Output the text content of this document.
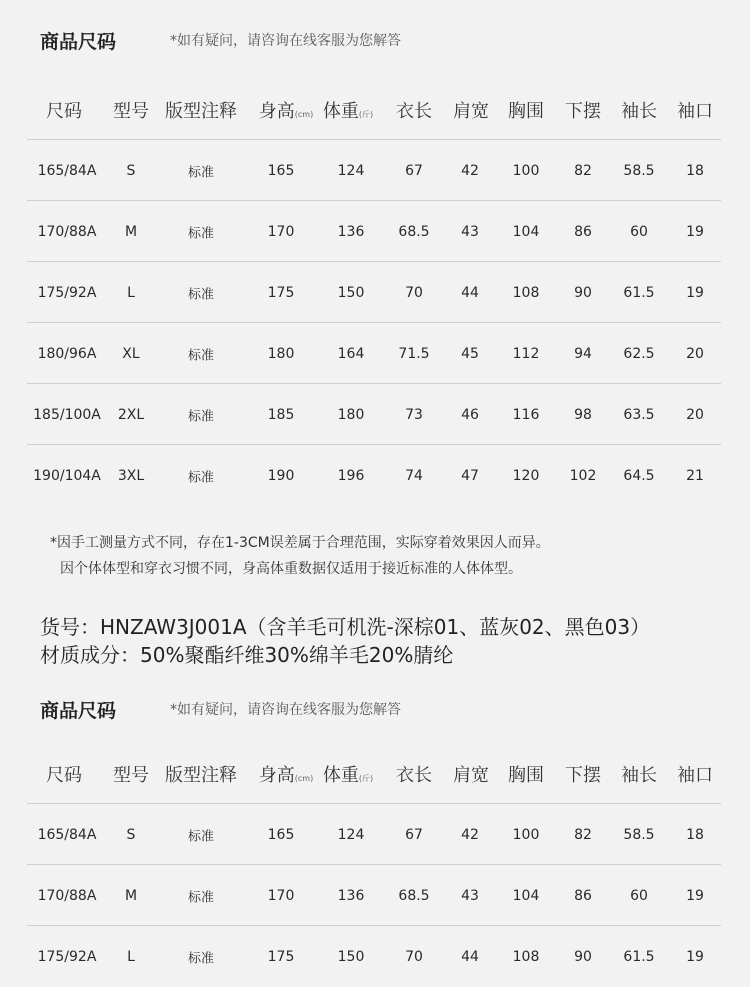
商品尺码	*如有疑问，请咨询在线客服为您解答
尺码 型号 版型注释 身高(cm) 体重(斤) 衣长 肩宽 胸围 下摆 袖长 袖口
165/84A S	标准	165	124	67	42 100 82 58.5 18
170/88A M	标准	170	136 68.5 43 104 86	60	19
175/92A L	标准	175	150	70	44 108 90 61.5 19
180/96A XL	标准	180	164 71.5 45 112 94 62.5 20
185/100A 2XL	标准	185	180	73	46 116 98 63.5 20
190/104A 3XL	标准	190	196	74	47 120 102 64.5 21
*因手工测量方式不同，存在1-3CM误差属于合理范围，实际穿着效果因人而异。
因个体体型和穿衣习惯不同，身高体重数据仅适用于接近标准的人体体型。
货号：HNZAW3J001A（含羊毛可机洗-深棕01、蓝灰02、黑色03）
材质成分：50%聚酯纤维30%绵羊毛20%腈纶
商品尺码	*如有疑问，请咨询在线客服为您解答
尺码 型号 版型注释 身高(cm) 体重(斤) 衣长 肩宽 胸围 下摆 袖长 袖口
165/84A S	标准	165	124	67	42 100 82 58.5 18
170/88A M	标准	170	136 68.5 43 104 86	60	19
175/92A L	标准	175	150	70	44 108 90 61.5 19
